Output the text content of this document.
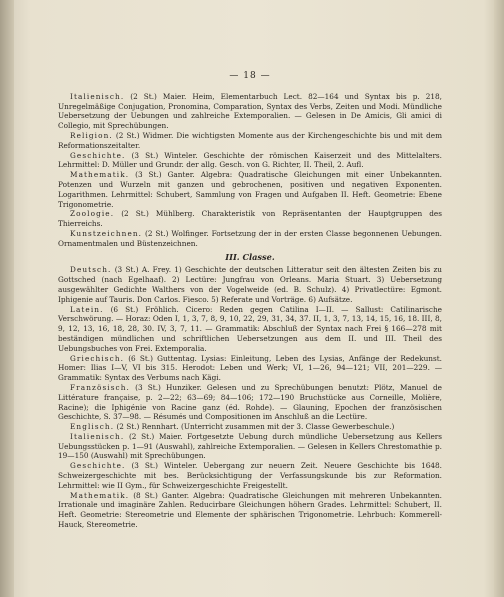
— 18 —

Italienisch. (2 St.) Maier. Heim, Elementarbuch Lect. 82—164 und Syntax bis p. 218, Unregelmäßige Conjugation, Pronomina, Comparation, Syntax des Verbs, Zeiten und Modi. Mündliche Uebersetzung der Uebungen und zahlreiche Extemporalien. — Gelesen in De Amicis, Gli amici di Collegio, mit Sprechübungen.

Religion. (2 St.) Widmer. Die wichtigsten Momente aus der Kirchengeschichte bis und mit dem Reformationszeitalter.

Geschichte. (3 St.) Winteler. Geschichte der römischen Kaiserzeit und des Mittelalters. Lehrmittel: D. Müller und Grundr. der allg. Gesch. von G. Richter, II. Theil, 2. Aufl.

Mathematik. (3 St.) Ganter. Algebra: Quadratische Gleichungen mit einer Unbekannten. Potenzen und Wurzeln mit ganzen und gebrochenen, positiven und negativen Exponenten. Logarithmen. Lehrmittel: Schubert, Sammlung von Fragen und Aufgaben II. Heft. Geometrie: Ebene Trigonometrie.

Zoologie. (2 St.) Mühlberg. Charakteristik von Repräsentanten der Hauptgruppen des Thierreichs.

Kunstzeichnen. (2 St.) Wolfinger. Fortsetzung der in der ersten Classe begonnenen Uebungen. Ornamentmalen und Büstenzeichnen.

III. Classe.

Deutsch. (3 St.) A. Frey. 1) Geschichte der deutschen Litteratur seit den ältesten Zeiten bis zu Gottsched (nach Egelhaaf). 2) Lectüre: Jungfrau von Orleans. Maria Stuart. 3) Uebersetzung ausgewählter Gedichte Walthers von der Vogelweide (ed. B. Schulz). 4) Privatlectüre: Egmont. Iphigenie auf Tauris. Don Carlos. Fiesco. 5) Referate und Vorträge. 6) Aufsätze.

Latein. (6 St.) Fröhlich. Cicero: Reden gegen Catilina I—II. — Sallust: Catilinarische Verschwörung. — Horaz: Oden I, 1, 3, 7, 8, 9, 10, 22, 29, 31, 34, 37. II, 1, 3, 7, 13, 14, 15, 16, 18. III, 8, 9, 12, 13, 16, 18, 28, 30. IV, 3, 7, 11. — Grammatik: Abschluß der Syntax nach Frei § 166—278 mit beständigen mündlichen und schriftlichen Uebersetzungen aus dem II. und III. Theil des Uebungsbuches von Frei. Extemporalia.

Griechisch. (6 St.) Guttentag. Lysias: Einleitung, Leben des Lysias, Anfänge der Redekunst. Homer: Ilias I—V, VI bis 315. Herodot: Leben und Werk; VI, 1—26, 94—121; VII, 201—229. — Grammatik: Syntax des Verbums nach Kägi.

Französisch. (3 St.) Hunziker. Gelesen und zu Sprechübungen benutzt: Plötz, Manuel de Littérature française, p. 2—22; 63—69; 84—106; 172—190 Bruchstücke aus Corneille, Molière, Racine); die Iphigénie von Racine ganz (éd. Rohde). — Glauning, Epochen der französischen Geschichte, S. 37—98. — Résumés und Compositionen im Anschluß an die Lectüre.

Englisch. (2 St.) Rennhart. (Unterricht zusammen mit der 3. Classe Gewerbeschule.)

Italienisch. (2 St.) Maier. Fortgesetzte Uebung durch mündliche Uebersetzung aus Kellers Uebungsstücken p. 1—91 (Auswahl), zahlreiche Extemporalien. — Gelesen in Kellers Chrestomathie p. 19—150 (Auswahl) mit Sprechübungen.

Geschichte. (3 St.) Winteler. Uebergang zur neuern Zeit. Neuere Geschichte bis 1648. Schweizergeschichte mit bes. Berücksichtigung der Verfassungskunde bis zur Reformation. Lehrmittel: wie II Gym., für Schweizergeschichte Freigestellt.

Mathematik. (8 St.) Ganter. Algebra: Quadratische Gleichungen mit mehreren Unbekannten. Irrationale und imaginäre Zahlen. Reducirbare Gleichungen höhern Grades. Lehrmittel: Schubert, II. Heft. Geometrie: Stereometrie und Elemente der sphärischen Trigonometrie. Lehrbuch: Kommerell-Hauck, Stereometrie.
